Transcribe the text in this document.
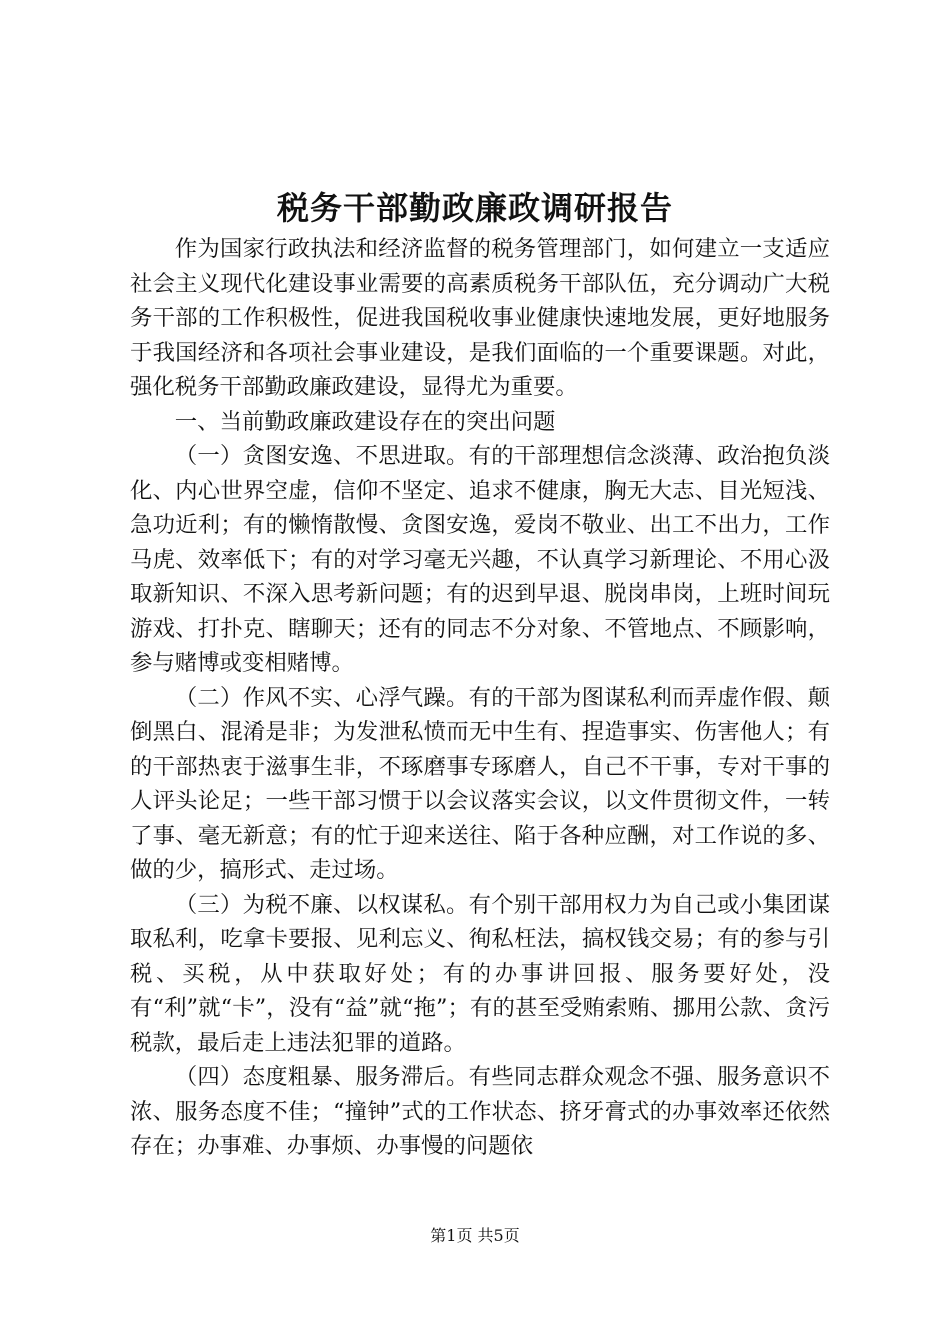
税务干部勤政廉政调研报告

作为国家行政执法和经济监督的税务管理部门，如何建立一支适应社会主义现代化建设事业需要的高素质税务干部队伍，充分调动广大税务干部的工作积极性，促进我国税收事业健康快速地发展，更好地服务于我国经济和各项社会事业建设，是我们面临的一个重要课题。对此，强化税务干部勤政廉政建设，显得尤为重要。

一、当前勤政廉政建设存在的突出问题

（一）贪图安逸、不思进取。有的干部理想信念淡薄、政治抱负淡化、内心世界空虚，信仰不坚定、追求不健康，胸无大志、目光短浅、急功近利；有的懒惰散慢、贪图安逸，爱岗不敬业、出工不出力，工作马虎、效率低下；有的对学习毫无兴趣，不认真学习新理论、不用心汲取新知识、不深入思考新问题；有的迟到早退、脱岗串岗，上班时间玩游戏、打扑克、瞎聊天；还有的同志不分对象、不管地点、不顾影响，参与赌博或变相赌博。

（二）作风不实、心浮气躁。有的干部为图谋私利而弄虚作假、颠倒黑白、混淆是非；为发泄私愤而无中生有、捏造事实、伤害他人；有的干部热衷于滋事生非，不琢磨事专琢磨人，自己不干事，专对干事的人评头论足；一些干部习惯于以会议落实会议，以文件贯彻文件，一转了事、毫无新意；有的忙于迎来送往、陷于各种应酬，对工作说的多、做的少，搞形式、走过场。

（三）为税不廉、以权谋私。有个别干部用权力为自己或小集团谋取私利，吃拿卡要报、见利忘义、徇私枉法，搞权钱交易；有的参与引税、买税，从中获取好处；有的办事讲回报、服务要好处，没有“利”就“卡”，没有“益”就“拖”；有的甚至受贿索贿、挪用公款、贪污税款，最后走上违法犯罪的道路。

（四）态度粗暴、服务滞后。有些同志群众观念不强、服务意识不浓、服务态度不佳；“撞钟”式的工作状态、挤牙膏式的办事效率还依然存在；办事难、办事烦、办事慢的问题依

第1页 共5页
